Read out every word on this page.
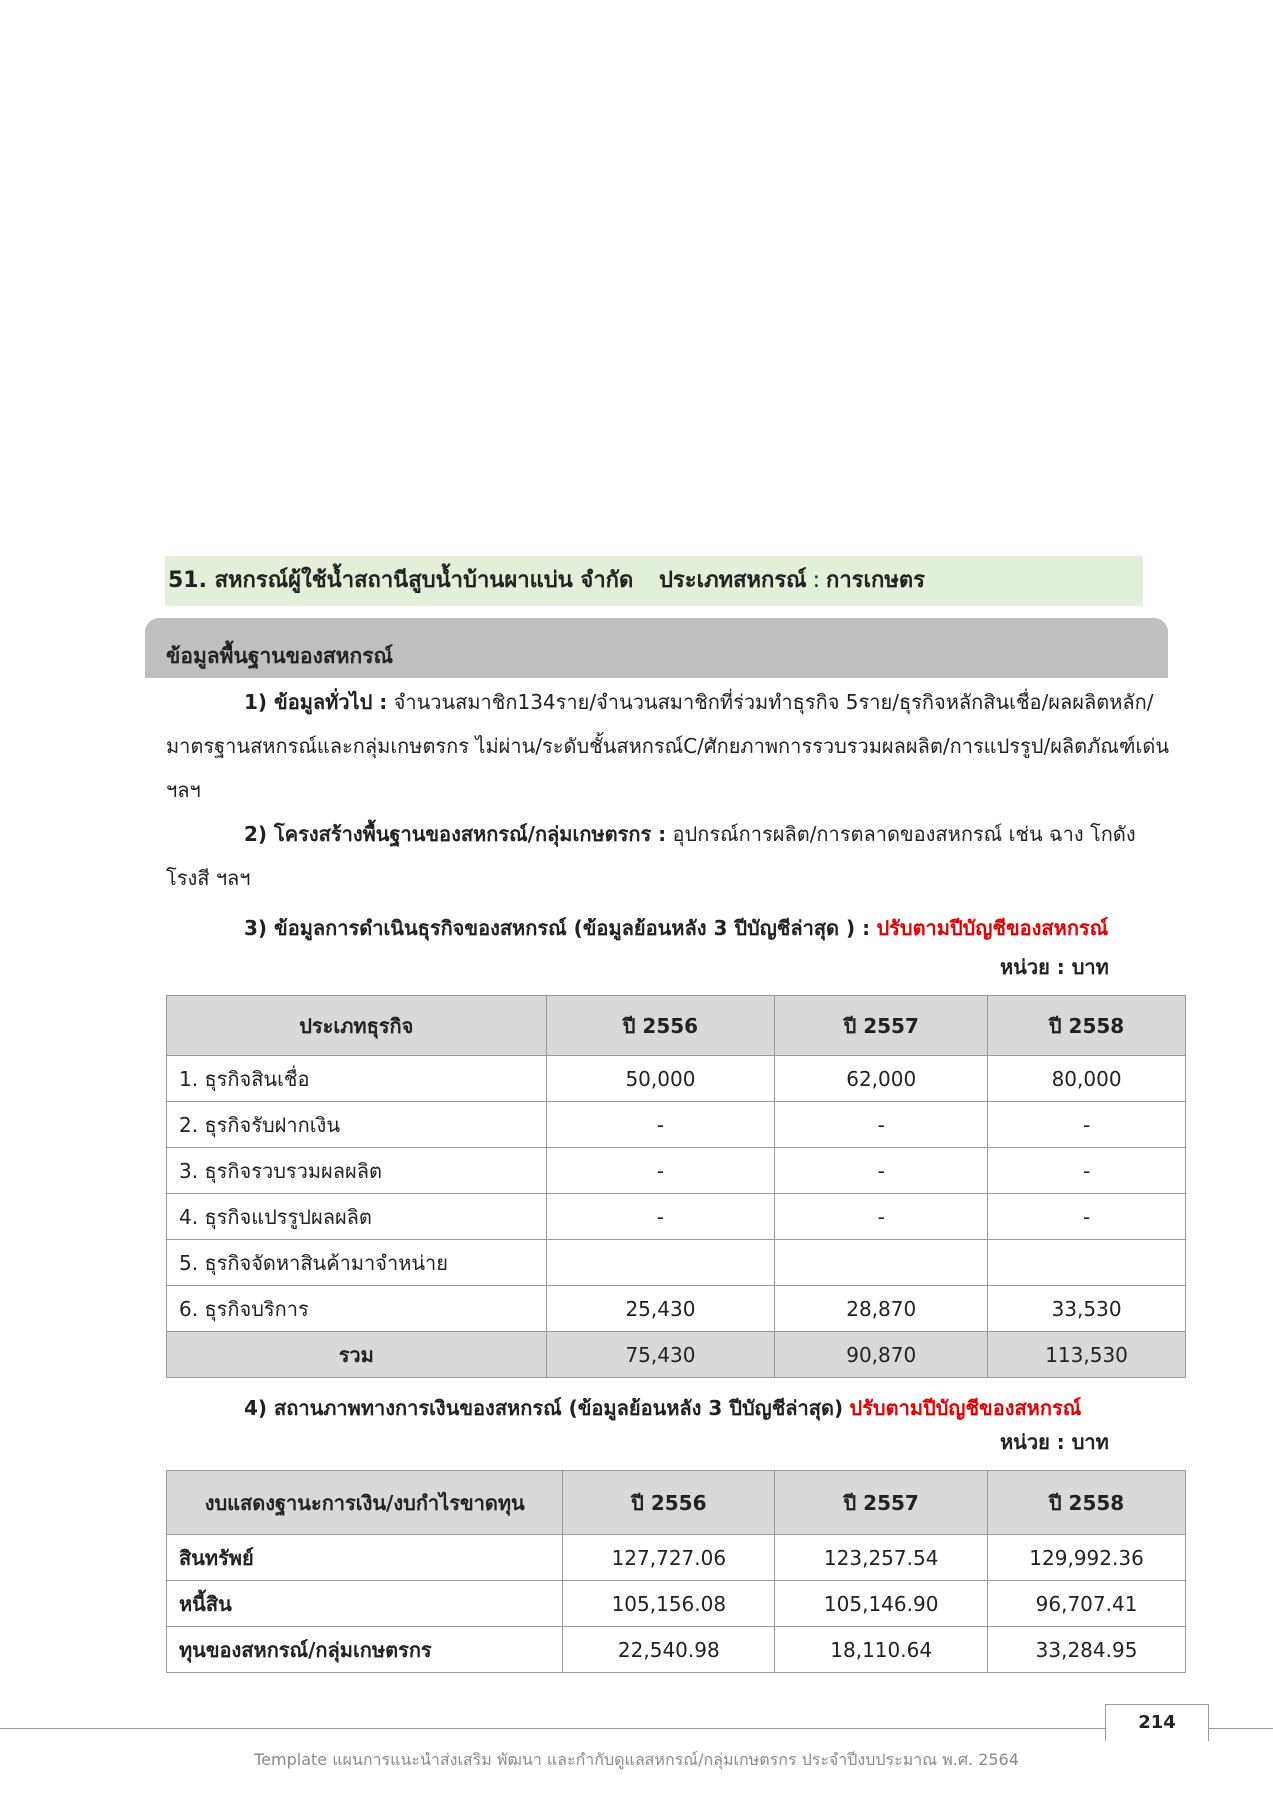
51. สหกรณ์ผู้ใช้น้ำสถานีสูบน้ำบ้านผาแบ่น จำกัด ประเภทสหกรณ์ : การเกษตร
ข้อมูลพื้นฐานของสหกรณ์
1) ข้อมูลทั่วไป : จำนวนสมาชิก134ราย/จำนวนสมาชิกที่ร่วมทำธุรกิจ 5ราย/ธุรกิจหลักสินเชื่อ/ผลผลิตหลัก/มาตรฐานสหกรณ์และกลุ่มเกษตรกร ไม่ผ่าน/ระดับชั้นสหกรณ์C/ศักยภาพการรวบรวมผลผลิต/การแปรรูป/ผลิตภัณฑ์เด่น ฯลฯ
2) โครงสร้างพื้นฐานของสหกรณ์/กลุ่มเกษตรกร : อุปกรณ์การผลิต/การตลาดของสหกรณ์ เช่น ฉาง โกดัง โรงสี ฯลฯ
3) ข้อมูลการดำเนินธุรกิจของสหกรณ์ (ข้อมูลย้อนหลัง 3 ปีบัญชีล่าสุด ) : ปรับตามปีบัญชีของสหกรณ์
หน่วย : บาท
ประเภทธุรกิจ	ปี 2556	ปี 2557	ปี 2558
1. ธุรกิจสินเชื่อ	50,000	62,000	80,000
2. ธุรกิจรับฝากเงิน	-	-	-
3. ธุรกิจรวบรวมผลผลิต	-	-	-
4. ธุรกิจแปรรูปผลผลิต	-	-	-
5. ธุรกิจจัดหาสินค้ามาจำหน่าย			
6. ธุรกิจบริการ	25,430	28,870	33,530
รวม	75,430	90,870	113,530
4) สถานภาพทางการเงินของสหกรณ์ (ข้อมูลย้อนหลัง 3 ปีบัญชีล่าสุด) ปรับตามปีบัญชีของสหกรณ์
หน่วย : บาท
งบแสดงฐานะการเงิน/งบกำไรขาดทุน	ปี 2556	ปี 2557	ปี 2558
สินทรัพย์	127,727.06	123,257.54	129,992.36
หนี้สิน	105,156.08	105,146.90	96,707.41
ทุนของสหกรณ์/กลุ่มเกษตรกร	22,540.98	18,110.64	33,284.95
214
Template แผนการแนะนำส่งเสริม พัฒนา และกำกับดูแลสหกรณ์/กลุ่มเกษตรกร ประจำปีงบประมาณ พ.ศ. 2564
